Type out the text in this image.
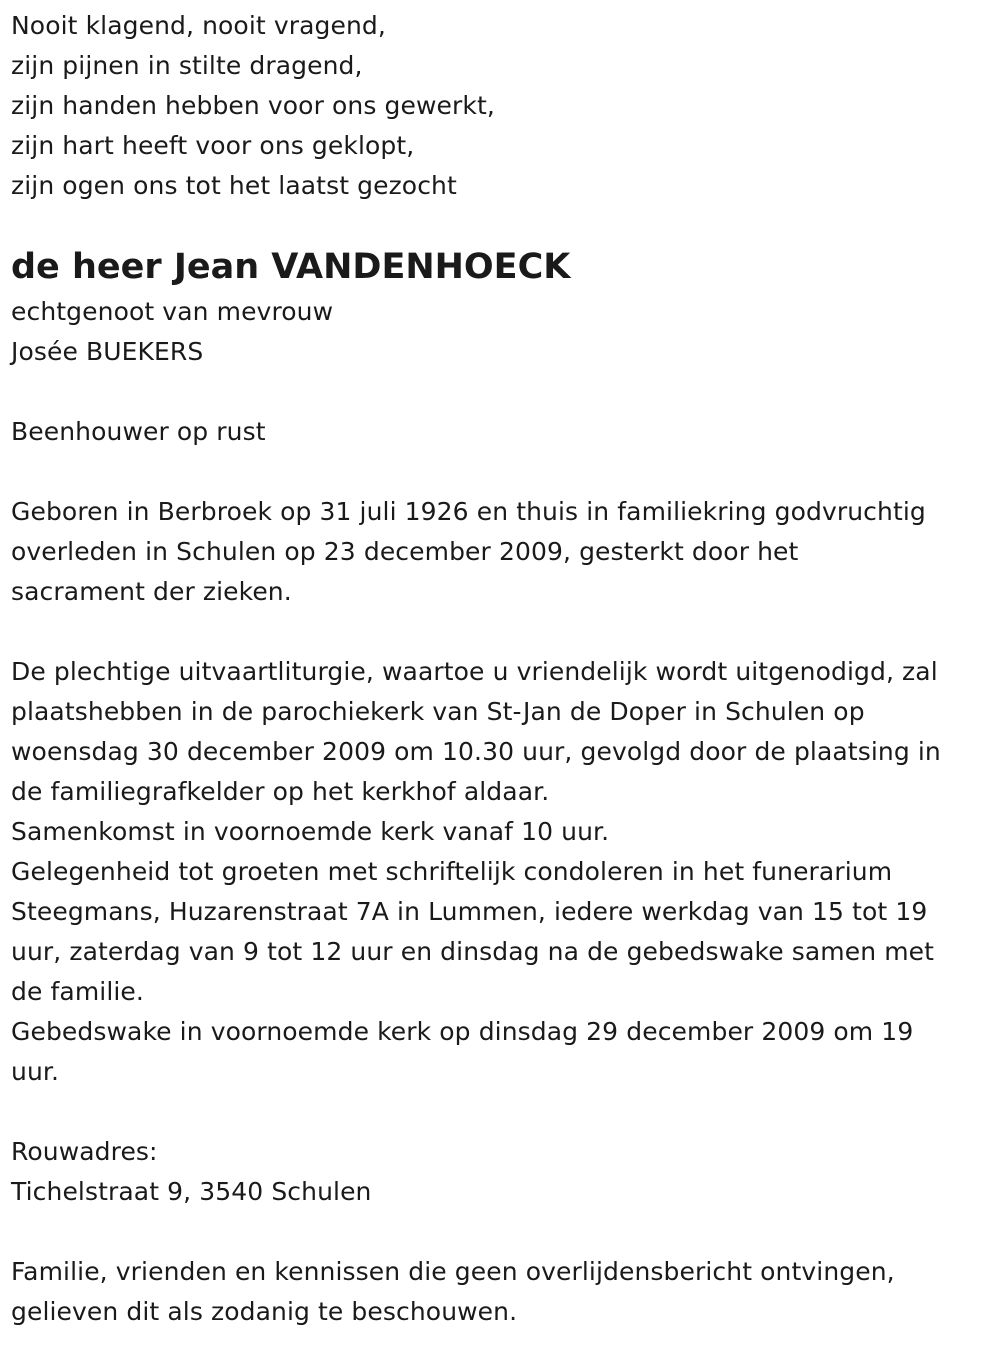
Nooit klagend, nooit vragend,
zijn pijnen in stilte dragend,
zijn handen hebben voor ons gewerkt,
zijn hart heeft voor ons geklopt,
zijn ogen ons tot het laatst gezocht
de heer Jean VANDENHOECK
echtgenoot van mevrouw
Josée BUEKERS
Beenhouwer op rust
Geboren in Berbroek op 31 juli 1926 en thuis in familiekring godvruchtig
overleden in Schulen op 23 december 2009, gesterkt door het
sacrament der zieken.
De plechtige uitvaartliturgie, waartoe u vriendelijk wordt uitgenodigd, zal
plaatshebben in de parochiekerk van St-Jan de Doper in Schulen op
woensdag 30 december 2009 om 10.30 uur, gevolgd door de plaatsing in
de familiegrafkelder op het kerkhof aldaar.
Samenkomst in voornoemde kerk vanaf 10 uur.
Gelegenheid tot groeten met schriftelijk condoleren in het funerarium
Steegmans, Huzarenstraat 7A in Lummen, iedere werkdag van 15 tot 19
uur, zaterdag van 9 tot 12 uur en dinsdag na de gebedswake samen met
de familie.
Gebedswake in voornoemde kerk op dinsdag 29 december 2009 om 19
uur.
Rouwadres:
Tichelstraat 9, 3540 Schulen
Familie, vrienden en kennissen die geen overlijdensbericht ontvingen,
gelieven dit als zodanig te beschouwen.
